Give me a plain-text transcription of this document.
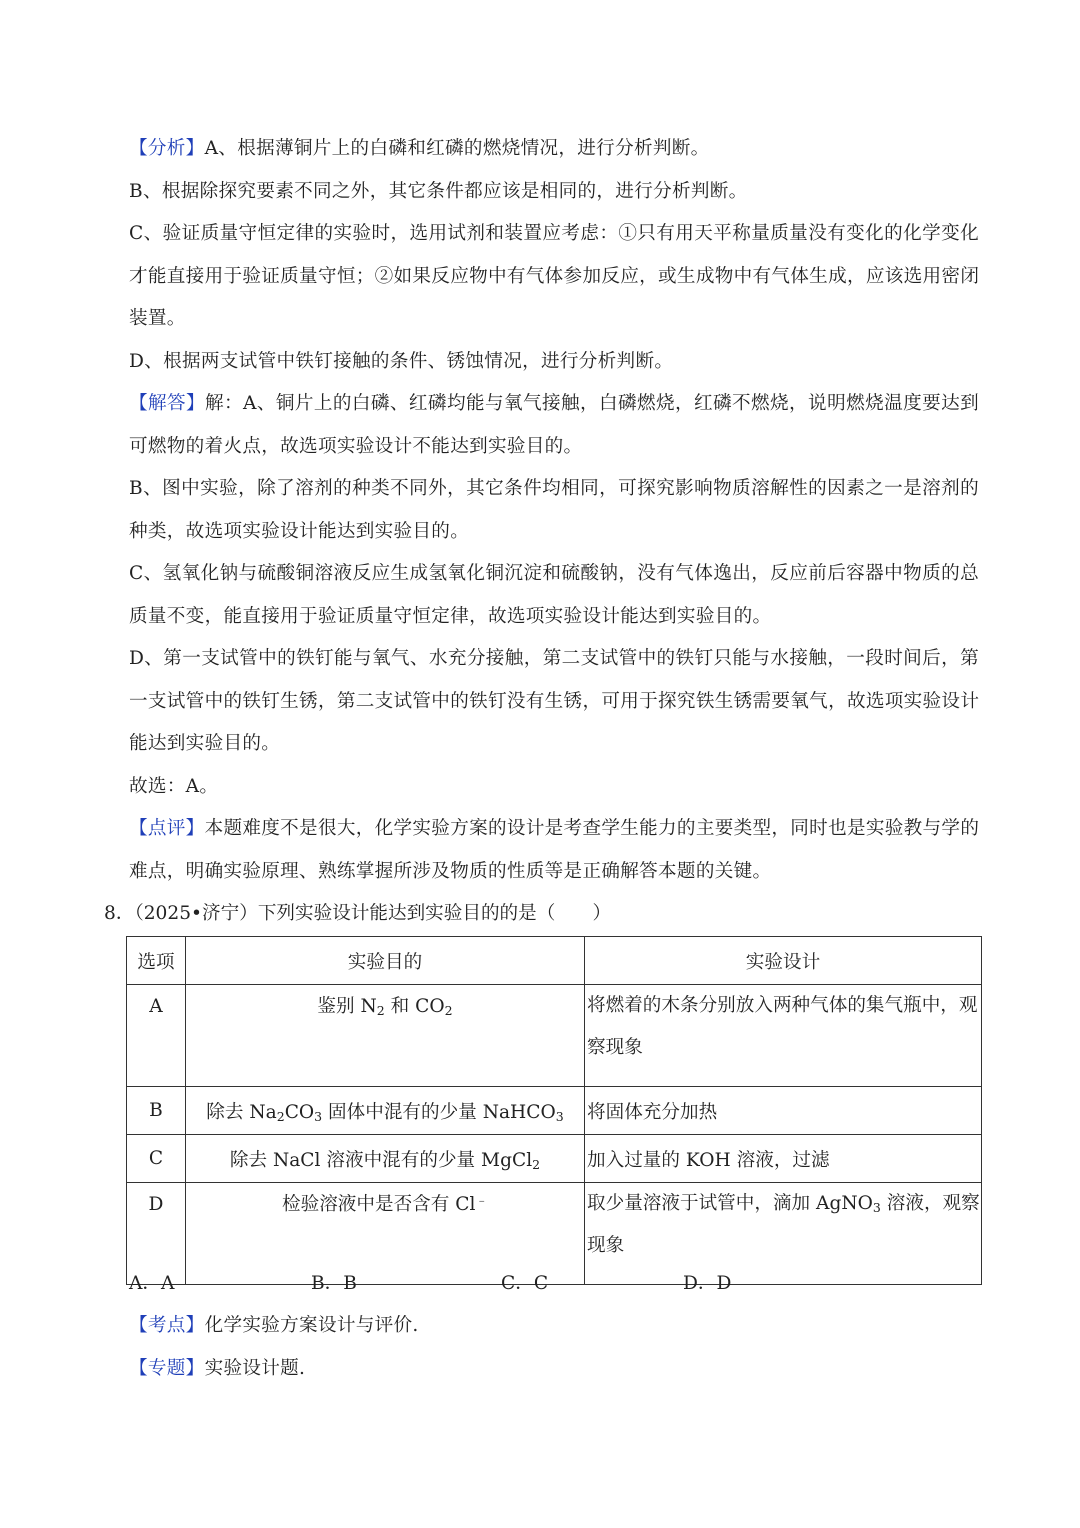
【分析】A、根据薄铜片上的白磷和红磷的燃烧情况，进行分析判断。
B、根据除探究要素不同之外，其它条件都应该是相同的，进行分析判断。
C、验证质量守恒定律的实验时，选用试剂和装置应考虑：①只有用天平称量质量没有变化的化学变化
才能直接用于验证质量守恒；②如果反应物中有气体参加反应，或生成物中有气体生成，应该选用密闭
装置。
D、根据两支试管中铁钉接触的条件、锈蚀情况，进行分析判断。
【解答】解：A、铜片上的白磷、红磷均能与氧气接触，白磷燃烧，红磷不燃烧，说明燃烧温度要达到
可燃物的着火点，故选项实验设计不能达到实验目的。
B、图中实验，除了溶剂的种类不同外，其它条件均相同，可探究影响物质溶解性的因素之一是溶剂的
种类，故选项实验设计能达到实验目的。
C、氢氧化钠与硫酸铜溶液反应生成氢氧化铜沉淀和硫酸钠，没有气体逸出，反应前后容器中物质的总
质量不变，能直接用于验证质量守恒定律，故选项实验设计能达到实验目的。
D、第一支试管中的铁钉能与氧气、水充分接触，第二支试管中的铁钉只能与水接触，一段时间后，第
一支试管中的铁钉生锈，第二支试管中的铁钉没有生锈，可用于探究铁生锈需要氧气，故选项实验设计
能达到实验目的。
故选：A。
【点评】本题难度不是很大，化学实验方案的设计是考查学生能力的主要类型，同时也是实验教与学的
难点，明确实验原理、熟练掌握所涉及物质的性质等是正确解答本题的关键。
8．（2025•济宁）下列实验设计能达到实验目的的是（　　）
选项	实验目的	实验设计
A	鉴别 $N_2$ 和 $CO_2$	将燃着的木条分别放入两种气体的集气瓶中，观
察现象

B	除去 $Na_2CO_3$ 固体中混有的少量 NaHCO$_3$	将固体充分加热
C	除去 NaCl 溶液中混有的少量 MgCl$_2$	加入过量的 KOH 溶液，过滤
D	检验溶液中是否含有 Cl﹣	取少量溶液于试管中，滴加 AgNO$_3$ 溶液，观察
现象
A．A	B．B	C．C	D．D
【考点】化学实验方案设计与评价.
【专题】实验设计题.
